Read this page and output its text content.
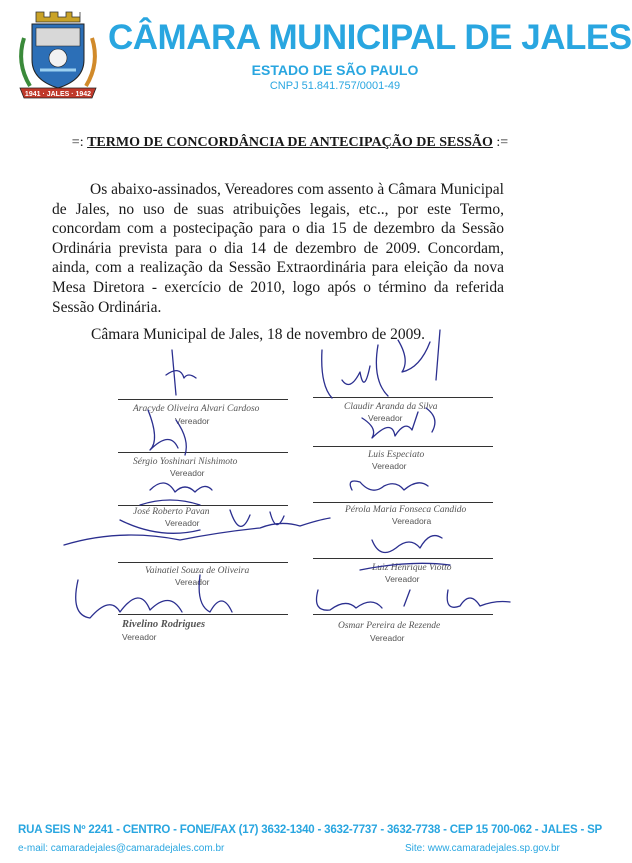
1941 · JALES · 1942
CÂMARA MUNICIPAL DE JALES
ESTADO DE SÃO PAULO
CNPJ 51.841.757/0001-49
=: TERMO DE CONCORDÂNCIA DE ANTECIPAÇÃO DE SESSÃO :=

Os abaixo-assinados, Vereadores com assento à Câmara Municipal de Jales, no uso de suas atribuições legais, etc.., por este Termo, concordam com a postecipação para o dia 15 de dezembro da Sessão Ordinária prevista para o dia 14 de dezembro de 2009. Concordam, ainda, com a realização da Sessão Extraordinária para eleição da nova Mesa Diretora - exercício de 2010, logo após o término da referida Sessão Ordinária.

Câmara Municipal de Jales, 18 de novembro de 2009.
Aracyde Oliveira Alvari Cardoso
Vereador
Claudir Aranda da Silva
Vereador
Sérgio Yoshinari Nishimoto
Vereador
Luis Especiato
Vereador
José Roberto Pavan
Vereador
Pérola Maria Fonseca Candido
Vereadora
Vainatiel Souza de Oliveira
Vereador
Luiz Henrique Viotto
Vereador
Rivelino Rodrigues
Vereador
Osmar Pereira de Rezende
Vereador
RUA SEIS Nº 2241 - CENTRO - FONE/FAX (17) 3632-1340 - 3632-7737 - 3632-7738 - CEP 15 700-062 - JALES - SP
e-mail: camaradejales@camaradejales.com.br	Site: www.camaradejales.sp.gov.br
